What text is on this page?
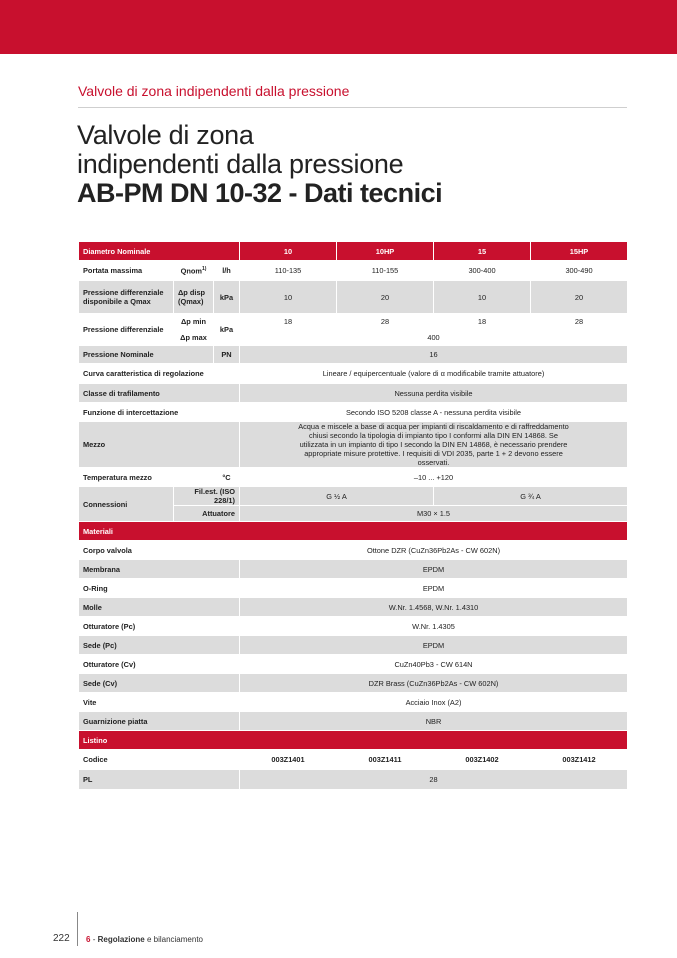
Valvole di zona indipendenti dalla pressione
Valvole di zona
indipendenti dalla pressione
AB-PM DN 10-32 - Dati tecnici
Diametro Nominale			10	10HP	15	15HP
Portata massima	Qnom$^{1)}$	l/h	110-135	110-155	300-400	300-490
Pressione differenziale disponibile a Qmax	Δp disp (Qmax)	kPa	10	20	10	20
Pressione differenziale	Δp min	kPa	18	28	18	28
	Δp max		400			
Pressione Nominale		PN	16			
Curva caratteristica di regolazione			Lineare / equipercentuale (valore di α modificabile tramite attuatore)			
Classe di trafilamento			Nessuna perdita visibile			
Funzione di intercettazione			Secondo ISO 5208 classe A - nessuna perdita visibile			
Mezzo			Acqua e miscele a base di acqua per impianti di riscaldamento e di raffreddamento chiusi secondo la tipologia di impianto tipo I conformi alla DIN EN 14868. Se utilizzata in un impianto di tipo I secondo la DIN EN 14868, è necessario prendere appropriate misure protettive. I requisiti di VDI 2035, parte 1 + 2 devono essere osservati.			
Temperatura mezzo		°C	–10 ... +120			
Connessioni	Fil.est. (ISO 228/1)		G ½ A		G ¾ A	
	Attuatore		M30 × 1.5			
Materiali						
Corpo valvola			Ottone DZR (CuZn36Pb2As - CW 602N)			
Membrana			EPDM			
O-Ring			EPDM			
Molle			W.Nr. 1.4568, W.Nr. 1.4310			
Otturatore (Pc)			W.Nr. 1.4305			
Sede (Pc)			EPDM			
Otturatore (Cv)			CuZn40Pb3 - CW 614N			
Sede (Cv)			DZR Brass (CuZn36Pb2As - CW 602N)			
Vite			Acciaio Inox (A2)			
Guarnizione piatta			NBR			
Listino						
Codice			003Z1401	003Z1411	003Z1402	003Z1412
PL			28			
222 6 - Regolazione e bilanciamento
